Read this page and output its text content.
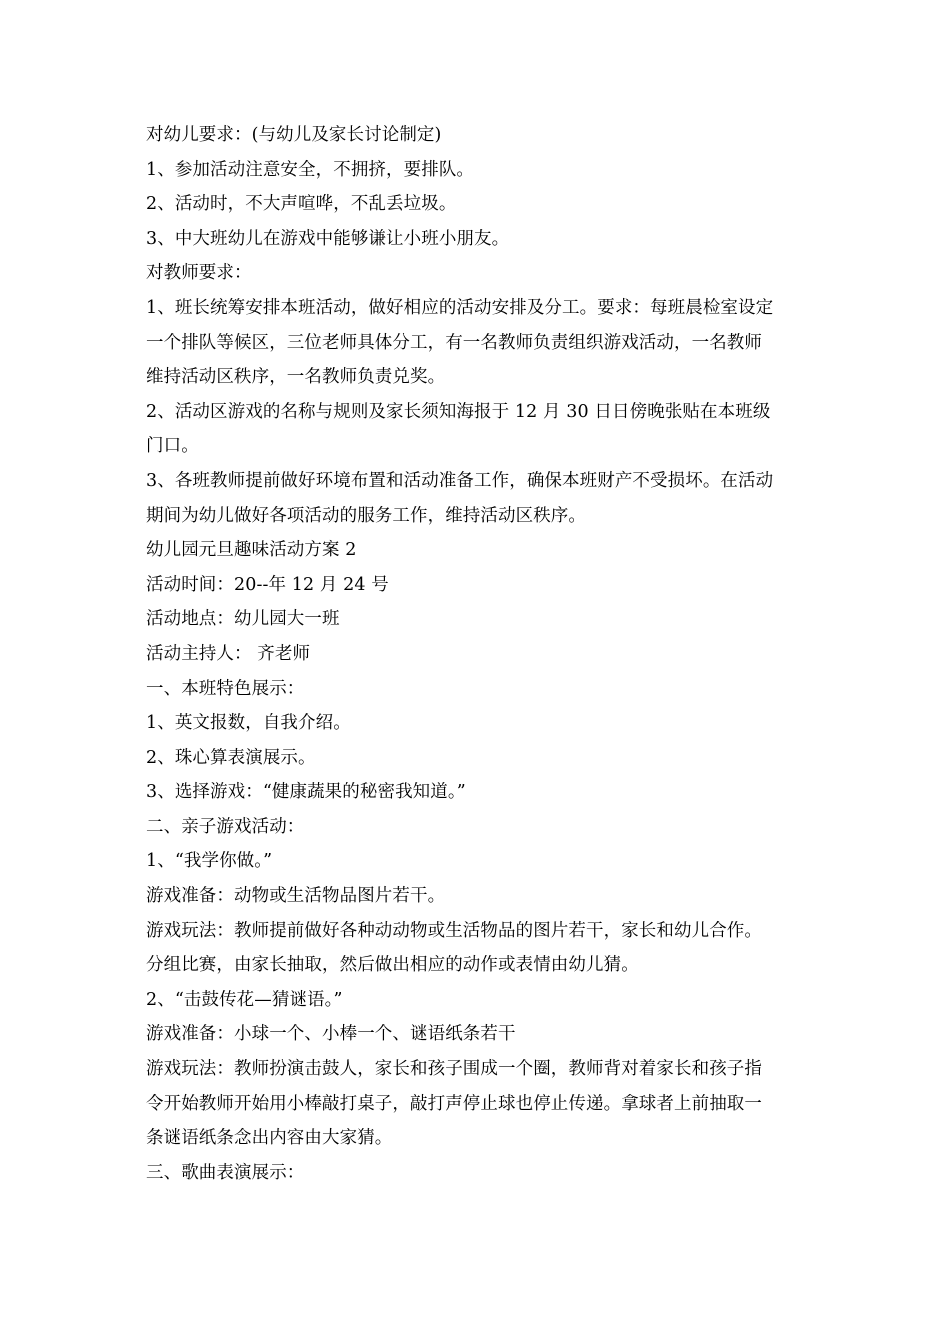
对幼儿要求：(与幼儿及家长讨论制定)
1、参加活动注意安全，不拥挤，要排队。
2、活动时，不大声喧哗，不乱丢垃圾。
3、中大班幼儿在游戏中能够谦让小班小朋友。
对教师要求：
1、班长统筹安排本班活动，做好相应的活动安排及分工。要求：每班晨检室设定
一个排队等候区，三位老师具体分工，有一名教师负责组织游戏活动，一名教师
维持活动区秩序，一名教师负责兑奖。
2、活动区游戏的名称与规则及家长须知海报于 12 月 30 日日傍晚张贴在本班级
门口。
3、各班教师提前做好环境布置和活动准备工作，确保本班财产不受损坏。在活动
期间为幼儿做好各项活动的服务工作，维持活动区秩序。
幼儿园元旦趣味活动方案 2
活动时间：20--年 12 月 24 号
活动地点：幼儿园大一班
活动主持人： 齐老师
一、本班特色展示：
1、英文报数，自我介绍。
2、珠心算表演展示。
3、选择游戏：“健康蔬果的秘密我知道。”
二、亲子游戏活动：
1、“我学你做。”
游戏准备：动物或生活物品图片若干。
游戏玩法：教师提前做好各种动动物或生活物品的图片若干，家长和幼儿合作。
分组比赛，由家长抽取，然后做出相应的动作或表情由幼儿猜。
2、“击鼓传花—猜谜语。”
游戏准备：小球一个、小棒一个、谜语纸条若干
游戏玩法：教师扮演击鼓人，家长和孩子围成一个圈，教师背对着家长和孩子指
令开始教师开始用小棒敲打桌子，敲打声停止球也停止传递。拿球者上前抽取一
条谜语纸条念出内容由大家猜。
三、歌曲表演展示：
